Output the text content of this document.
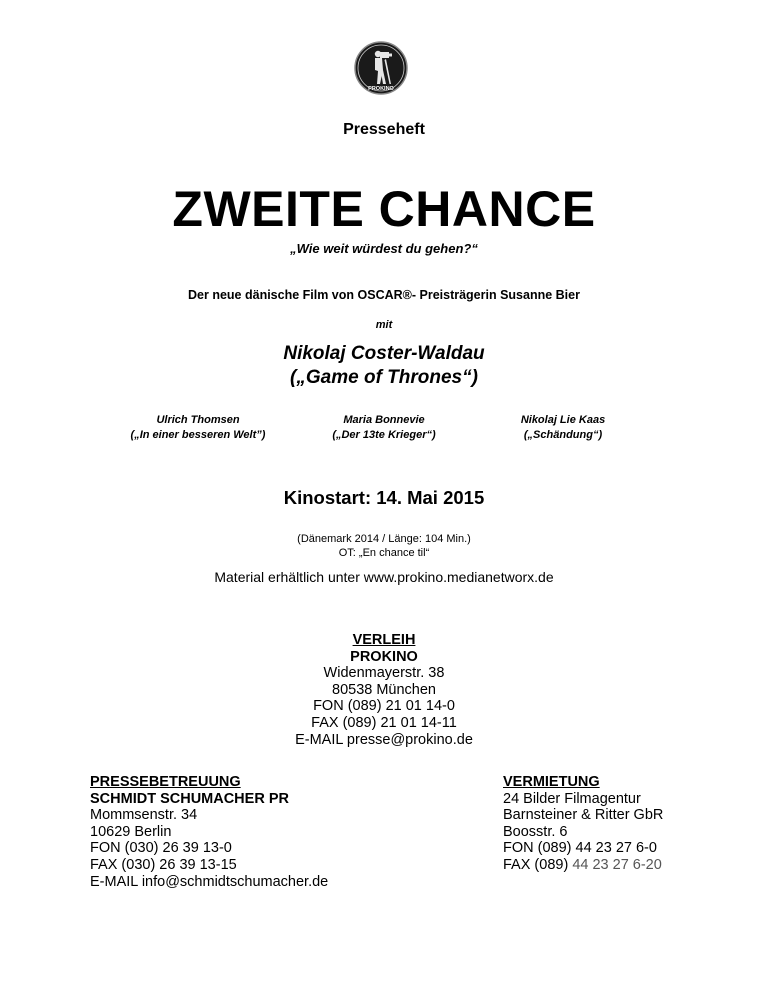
PROKINO
Presseheft
ZWEITE CHANCE
„Wie weit würdest du gehen?“
Der neue dänische Film von OSCAR®- Preisträgerin Susanne Bier
mit
Nikolaj Coster-Waldau
(„Game of Thrones“)
Ulrich Thomsen
(„In einer besseren Welt”)
Maria Bonnevie
(„Der 13te Krieger“)
Nikolaj Lie Kaas
(„Schändung“)
Kinostart: 14. Mai 2015
(Dänemark 2014 / Länge: 104 Min.)
OT: „En chance til“
Material erhältlich unter www.prokino.medianetworx.de
VERLEIH
PROKINO
Widenmayerstr. 38
80538 München
FON (089) 21 01 14-0
FAX (089) 21 01 14-11
E-MAIL presse@prokino.de
PRESSEBETREUUNG
SCHMIDT SCHUMACHER PR
Mommsenstr. 34
10629 Berlin
FON (030) 26 39 13-0
FAX (030) 26 39 13-15
E-MAIL info@schmidtschumacher.de
VERMIETUNG
24 Bilder Filmagentur
Barnsteiner & Ritter GbR
Boosstr. 6
FON (089) 44 23 27 6-0
FAX (089) 44 23 27 6-20
